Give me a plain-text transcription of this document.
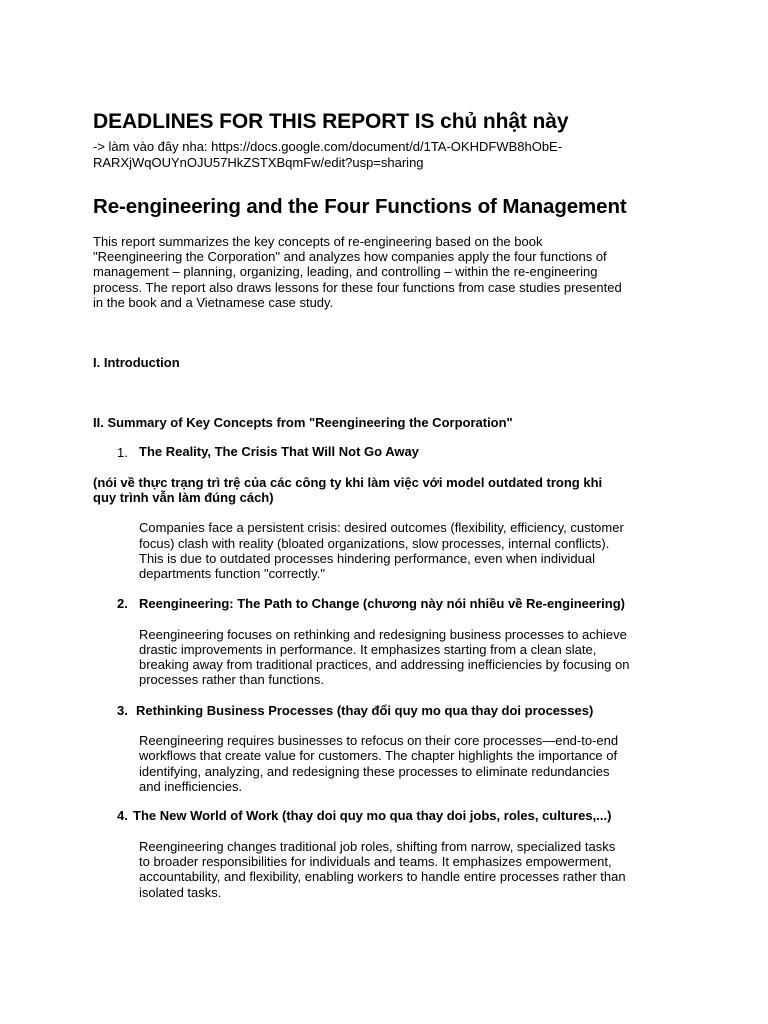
DEADLINES FOR THIS REPORT IS chủ nhật này

-> làm vào đây nha: https://docs.google.com/document/d/1TA-OKHDFWB8hObE-

RARXjWqOUYnOJU57HkZSTXBqmFw/edit?usp=sharing

Re-engineering and the Four Functions of Management

This report summarizes the key concepts of re-engineering based on the book

"Reengineering the Corporation" and analyzes how companies apply the four functions of

management – planning, organizing, leading, and controlling – within the re-engineering

process. The report also draws lessons for these four functions from case studies presented

in the book and a Vietnamese case study.

I. Introduction
II. Summary of Key Concepts from "Reengineering the Corporation"
1. The Reality, The Crisis That Will Not Go Away

(nói về thực trạng trì trệ của các công ty khi làm việc với model outdated trong khi

quy trình vẫn làm đúng cách)

Companies face a persistent crisis: desired outcomes (flexibility, efficiency, customer

focus) clash with reality (bloated organizations, slow processes, internal conflicts).

This is due to outdated processes hindering performance, even when individual

departments function "correctly."

2. Reengineering: The Path to Change (chương này nói nhiều về Re-engineering)

Reengineering focuses on rethinking and redesigning business processes to achieve

drastic improvements in performance. It emphasizes starting from a clean slate,

breaking away from traditional practices, and addressing inefficiencies by focusing on

processes rather than functions.

3. Rethinking Business Processes (thay đổi quy mo qua thay doi processes)

Reengineering requires businesses to refocus on their core processes—end-to-end

workflows that create value for customers. The chapter highlights the importance of

identifying, analyzing, and redesigning these processes to eliminate redundancies

and inefficiencies.

4. The New World of Work (thay doi quy mo qua thay doi jobs, roles, cultures,...)

Reengineering changes traditional job roles, shifting from narrow, specialized tasks

to broader responsibilities for individuals and teams. It emphasizes empowerment,

accountability, and flexibility, enabling workers to handle entire processes rather than

isolated tasks.
